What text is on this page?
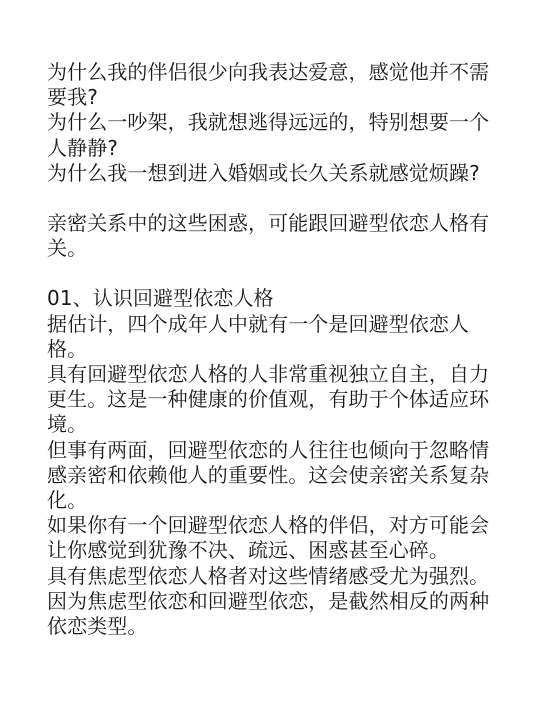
为什么我的伴侣很少向我表达爱意，感觉他并不需要我?

为什么一吵架，我就想逃得远远的，特别想要一个人静静?

为什么我一想到进入婚姻或长久关系就感觉烦躁?

亲密关系中的这些困惑，可能跟回避型依恋人格有关。

01、认识回避型依恋人格

据估计，四个成年人中就有一个是回避型依恋人格。

具有回避型依恋人格的人非常重视独立自主，自力更生。这是一种健康的价值观，有助于个体适应环境。

但事有两面，回避型依恋的人往往也倾向于忽略情感亲密和依赖他人的重要性。这会使亲密关系复杂化。

如果你有一个回避型依恋人格的伴侣，对方可能会让你感觉到犹豫不决、疏远、困惑甚至心碎。

具有焦虑型依恋人格者对这些情绪感受尤为强烈。

因为焦虑型依恋和回避型依恋，是截然相反的两种依恋类型。
